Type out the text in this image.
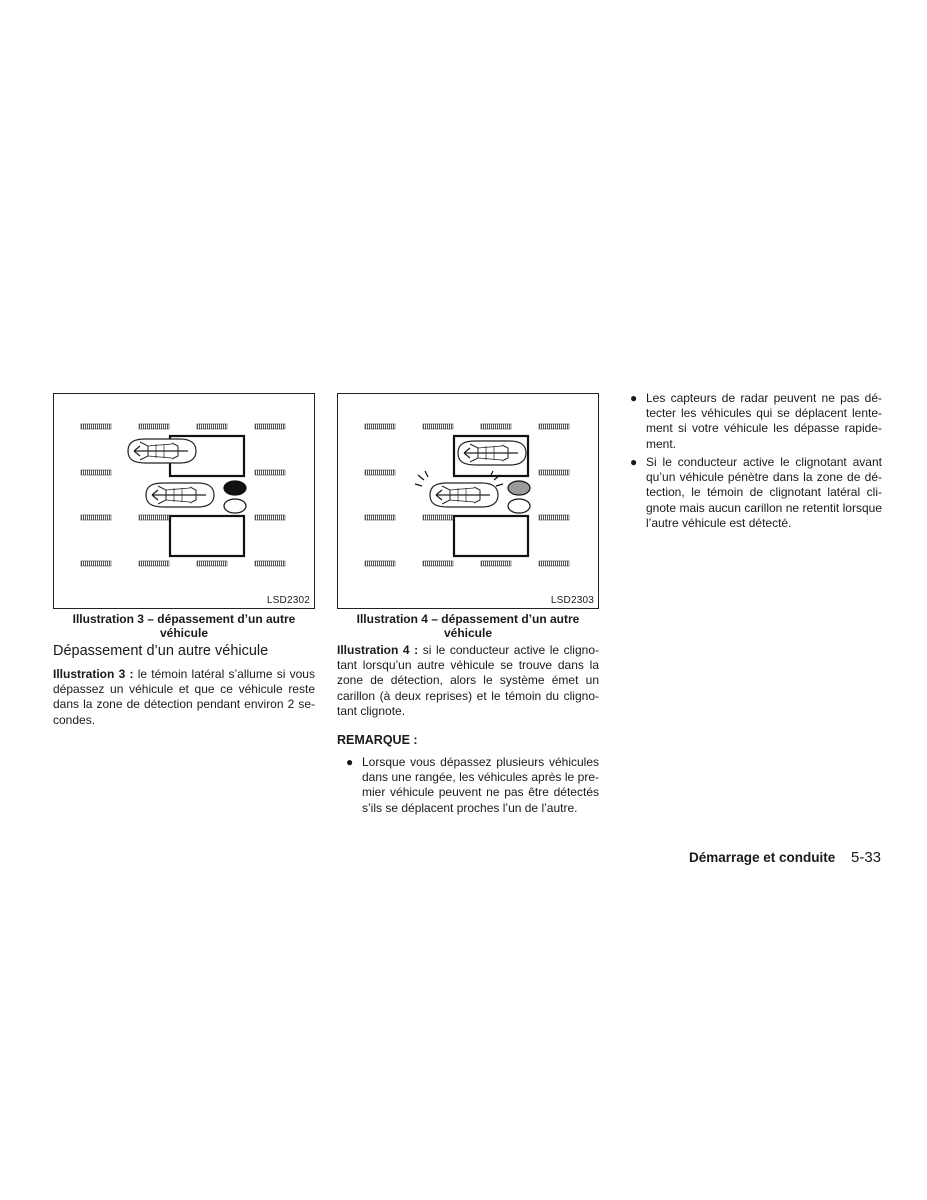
LSD2302
Illustration 3 – dépassement d’un autre
véhicule
LSD2303
Illustration 4 – dépassement d’un autre
véhicule
Dépassement d’un autre véhicule

Illustration 3 : le témoin latéral s’allume si vous dépassez un véhicule et que ce véhicule reste dans la zone de détection pendant environ 2 secondes.

Illustration 4 : si le conducteur active le clignotant lorsqu’un autre véhicule se trouve dans la zone de détection, alors le système émet un carillon (à deux reprises) et le témoin du clignotant clignote.

REMARQUE :
● Lorsque vous dépassez plusieurs véhicules dans une rangée, les véhicules après le premier véhicule peuvent ne pas être détectés s’ils se déplacent proches l’un de l’autre.
● Les capteurs de radar peuvent ne pas détecter les véhicules qui se déplacent lentement si votre véhicule les dépasse rapidement.
● Si le conducteur active le clignotant avant qu’un véhicule pénètre dans la zone de détection, le témoin de clignotant latéral clignote mais aucun carillon ne retentit lorsque l’autre véhicule est détecté.
Démarrage et conduite 5-33
